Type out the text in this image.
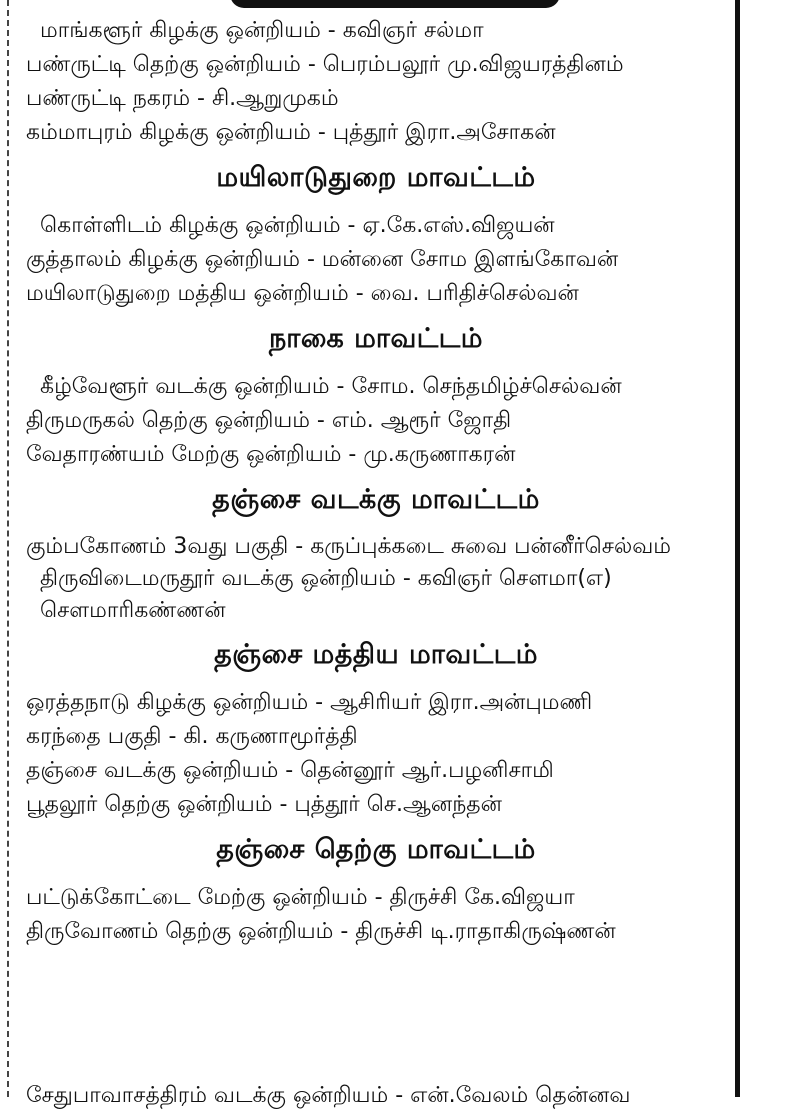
மாங்களூர் கிழக்கு ஒன்றியம் - கவிஞர் சல்மா

பண்ருட்டி தெற்கு ஒன்றியம் - பெரம்பலூர் மு.விஜயரத்தினம்

பண்ருட்டி நகரம் - சி.ஆறுமுகம்

கம்மாபுரம் கிழக்கு ஒன்றியம் - புத்தூர் இரா.அசோகன்

மயிலாடுதுறை மாவட்டம்

கொள்ளிடம் கிழக்கு ஒன்றியம் - ஏ.கே.எஸ்.விஜயன்

குத்தாலம் கிழக்கு ஒன்றியம் - மன்னை சோம இளங்கோவன்

மயிலாடுதுறை மத்திய ஒன்றியம் - வை. பரிதிச்செல்வன்

நாகை மாவட்டம்

கீழ்வேளூர் வடக்கு ஒன்றியம் - சோம. செந்தமிழ்ச்செல்வன்

திருமருகல் தெற்கு ஒன்றியம் - எம். ஆரூர் ஜோதி

வேதாரண்யம் மேற்கு ஒன்றியம் - மு.கருணாகரன்

தஞ்சை வடக்கு மாவட்டம்

கும்பகோணம் 3வது பகுதி - கருப்புக்கடை சுவை பன்னீர்செல்வம்

திருவிடைமருதூர் வடக்கு ஒன்றியம் - கவிஞர் சௌமா(எ) சௌமாரிகண்ணன்

தஞ்சை மத்திய மாவட்டம்

ஒரத்தநாடு கிழக்கு ஒன்றியம் - ஆசிரியர் இரா.அன்புமணி

கரந்தை பகுதி - கி. கருணாமூர்த்தி

தஞ்சை வடக்கு ஒன்றியம் - தென்னூர் ஆர்.பழனிசாமி

பூதலூர் தெற்கு ஒன்றியம் - புத்தூர் செ.ஆனந்தன்

தஞ்சை தெற்கு மாவட்டம்

பட்டுக்கோட்டை மேற்கு ஒன்றியம் - திருச்சி கே.விஜயா

திருவோணம் தெற்கு ஒன்றியம் - திருச்சி டி.ராதாகிருஷ்ணன்

சேதுபாவாசத்திரம் வடக்கு ஒன்றியம் - என்.வேலம் தென்னவ
